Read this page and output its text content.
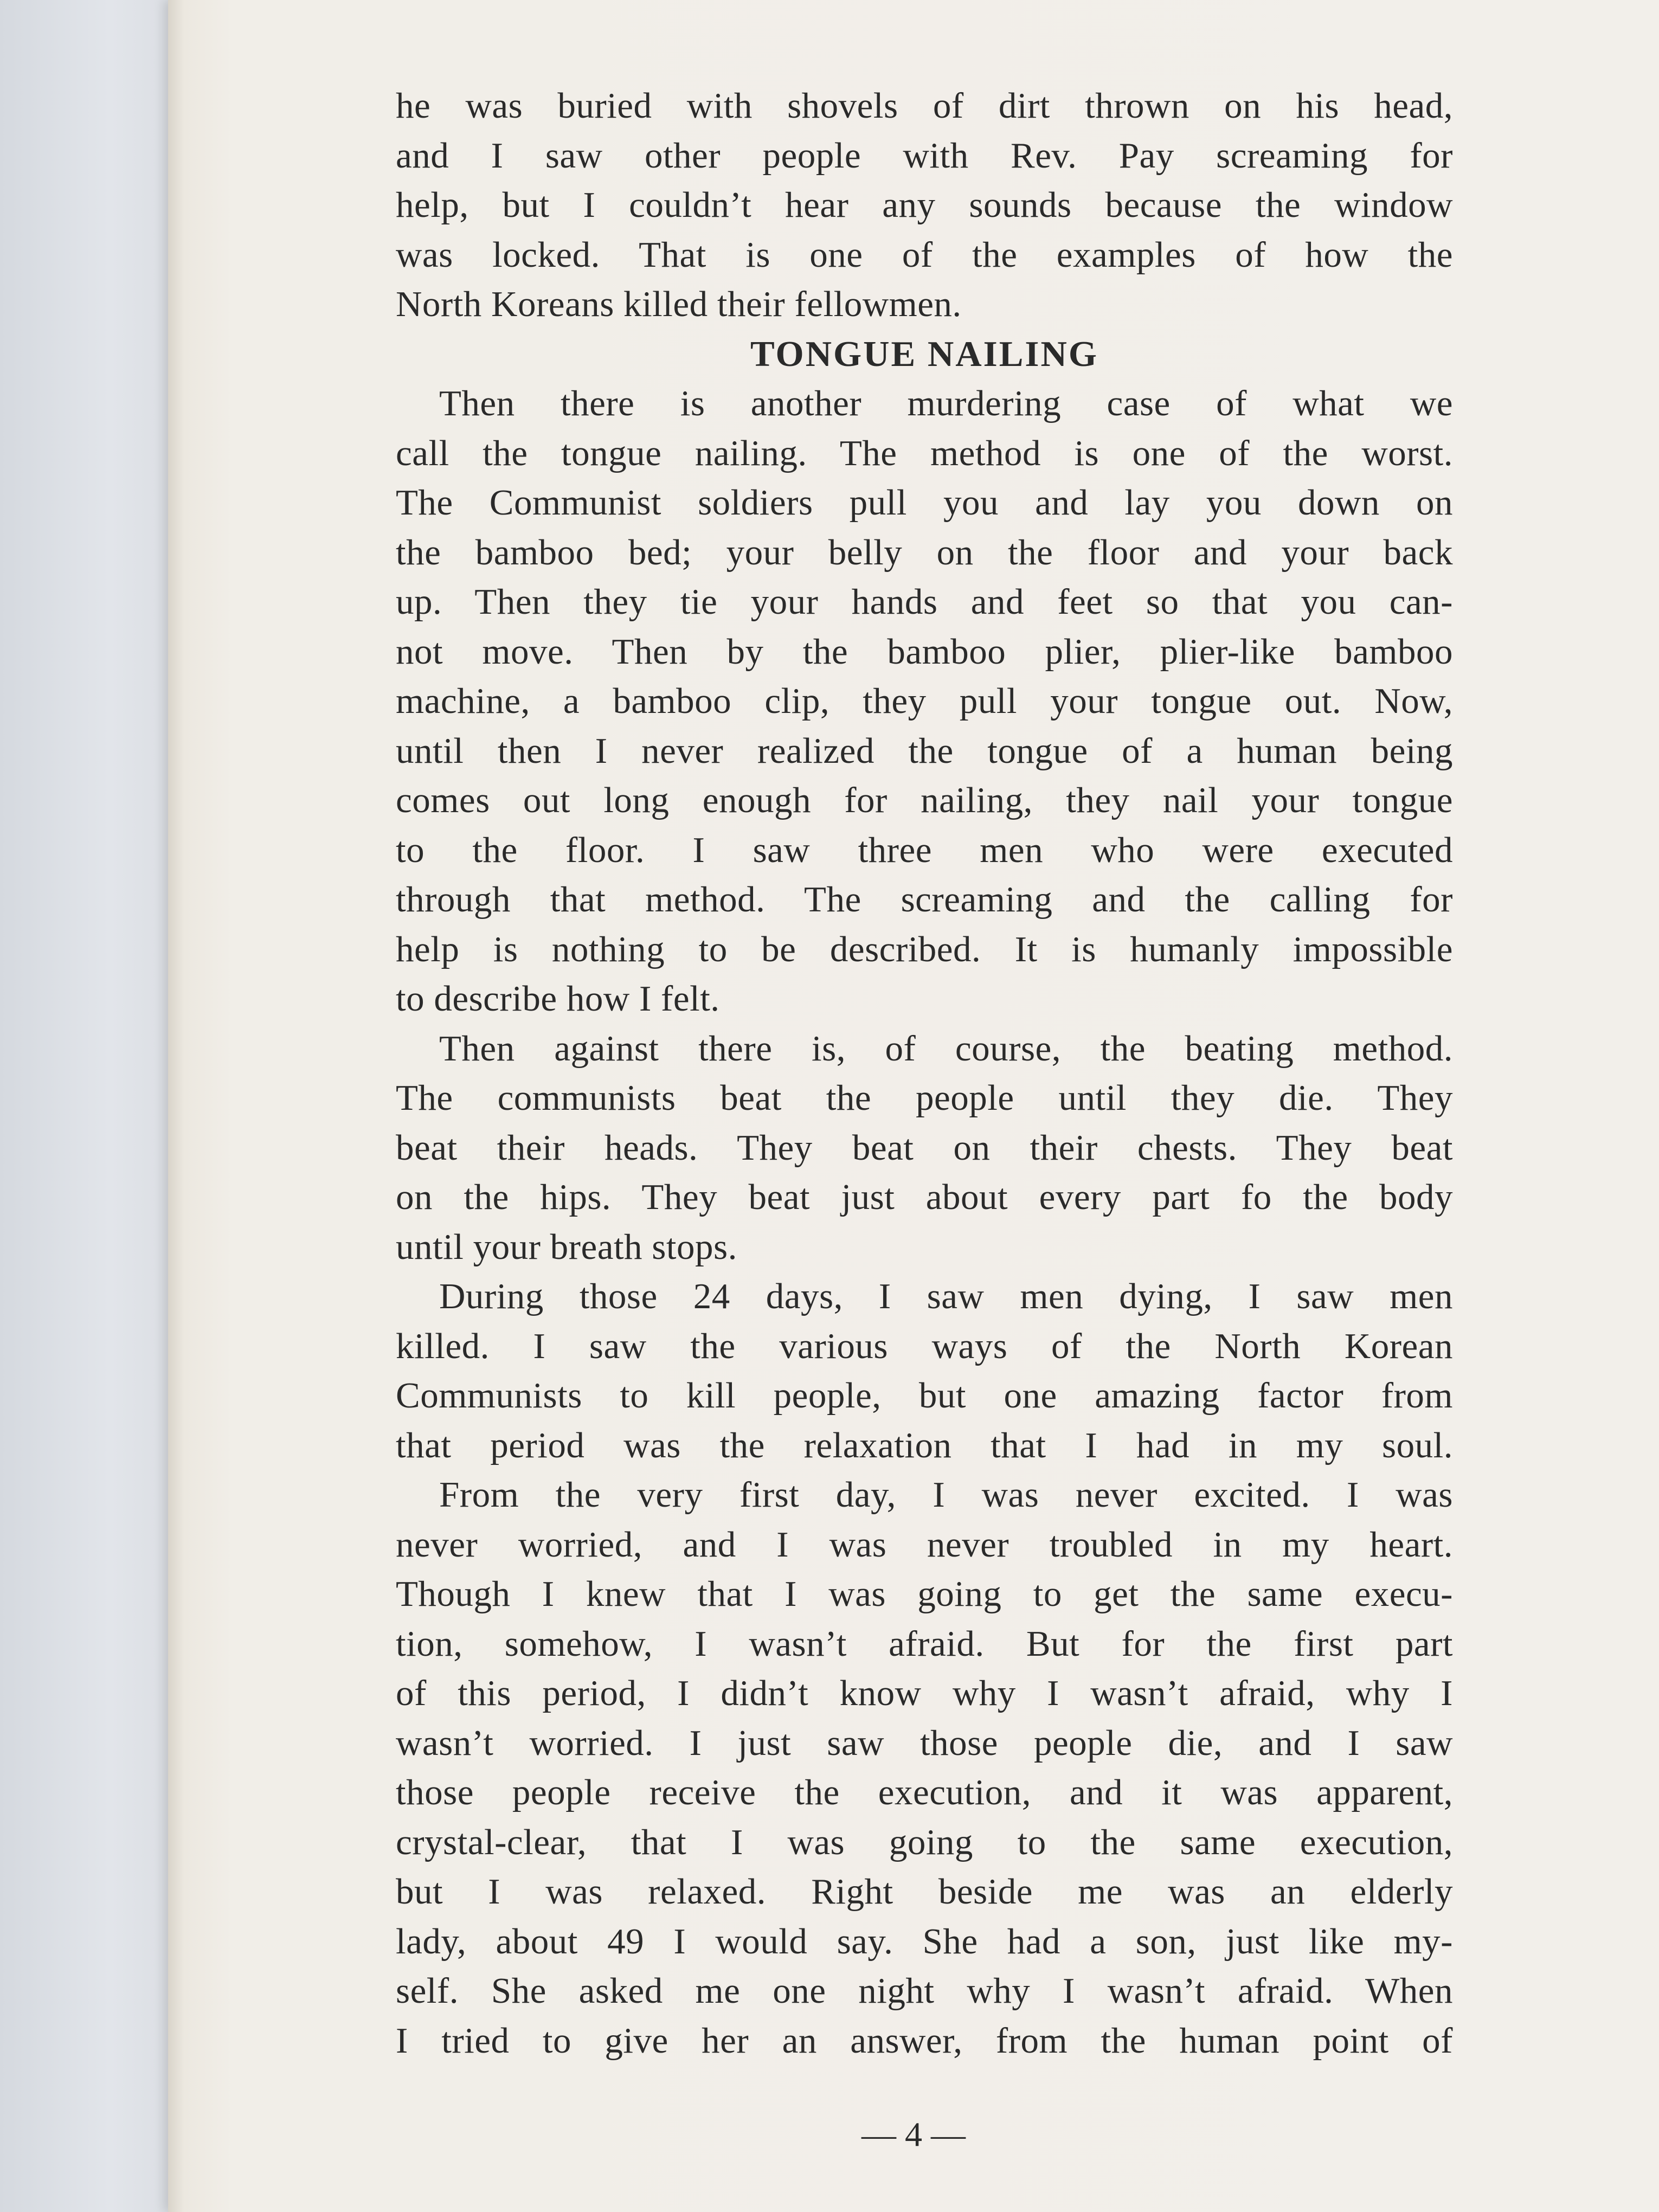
he was buried with shovels of dirt thrown on his head,
and I saw other people with Rev. Pay screaming for
help, but I couldn’t hear any sounds because the window
was locked. That is one of the examples of how the
North Koreans killed their fellowmen.
TONGUE NAILING
Then there is another murdering case of what we
call the tongue nailing. The method is one of the worst.
The Communist soldiers pull you and lay you down on
the bamboo bed; your belly on the floor and your back
up. Then they tie your hands and feet so that you can-
not move. Then by the bamboo plier, plier-like bamboo
machine, a bamboo clip, they pull your tongue out. Now,
until then I never realized the tongue of a human being
comes out long enough for nailing, they nail your tongue
to the floor. I saw three men who were executed
through that method. The screaming and the calling for
help is nothing to be described. It is humanly impossible
to describe how I felt.
Then against there is, of course, the beating method.
The communists beat the people until they die. They
beat their heads. They beat on their chests. They beat
on the hips. They beat just about every part fo the body
until your breath stops.
During those 24 days, I saw men dying, I saw men
killed. I saw the various ways of the North Korean
Communists to kill people, but one amazing factor from
that period was the relaxation that I had in my soul.
From the very first day, I was never excited. I was
never worried, and I was never troubled in my heart.
Though I knew that I was going to get the same execu-
tion, somehow, I wasn’t afraid. But for the first part
of this period, I didn’t know why I wasn’t afraid, why I
wasn’t worried. I just saw those people die, and I saw
those people receive the execution, and it was apparent,
crystal-clear, that I was going to the same execution,
but I was relaxed. Right beside me was an elderly
lady, about 49 I would say. She had a son, just like my-
self. She asked me one night why I wasn’t afraid. When
I tried to give her an answer, from the human point of
— 4 —
